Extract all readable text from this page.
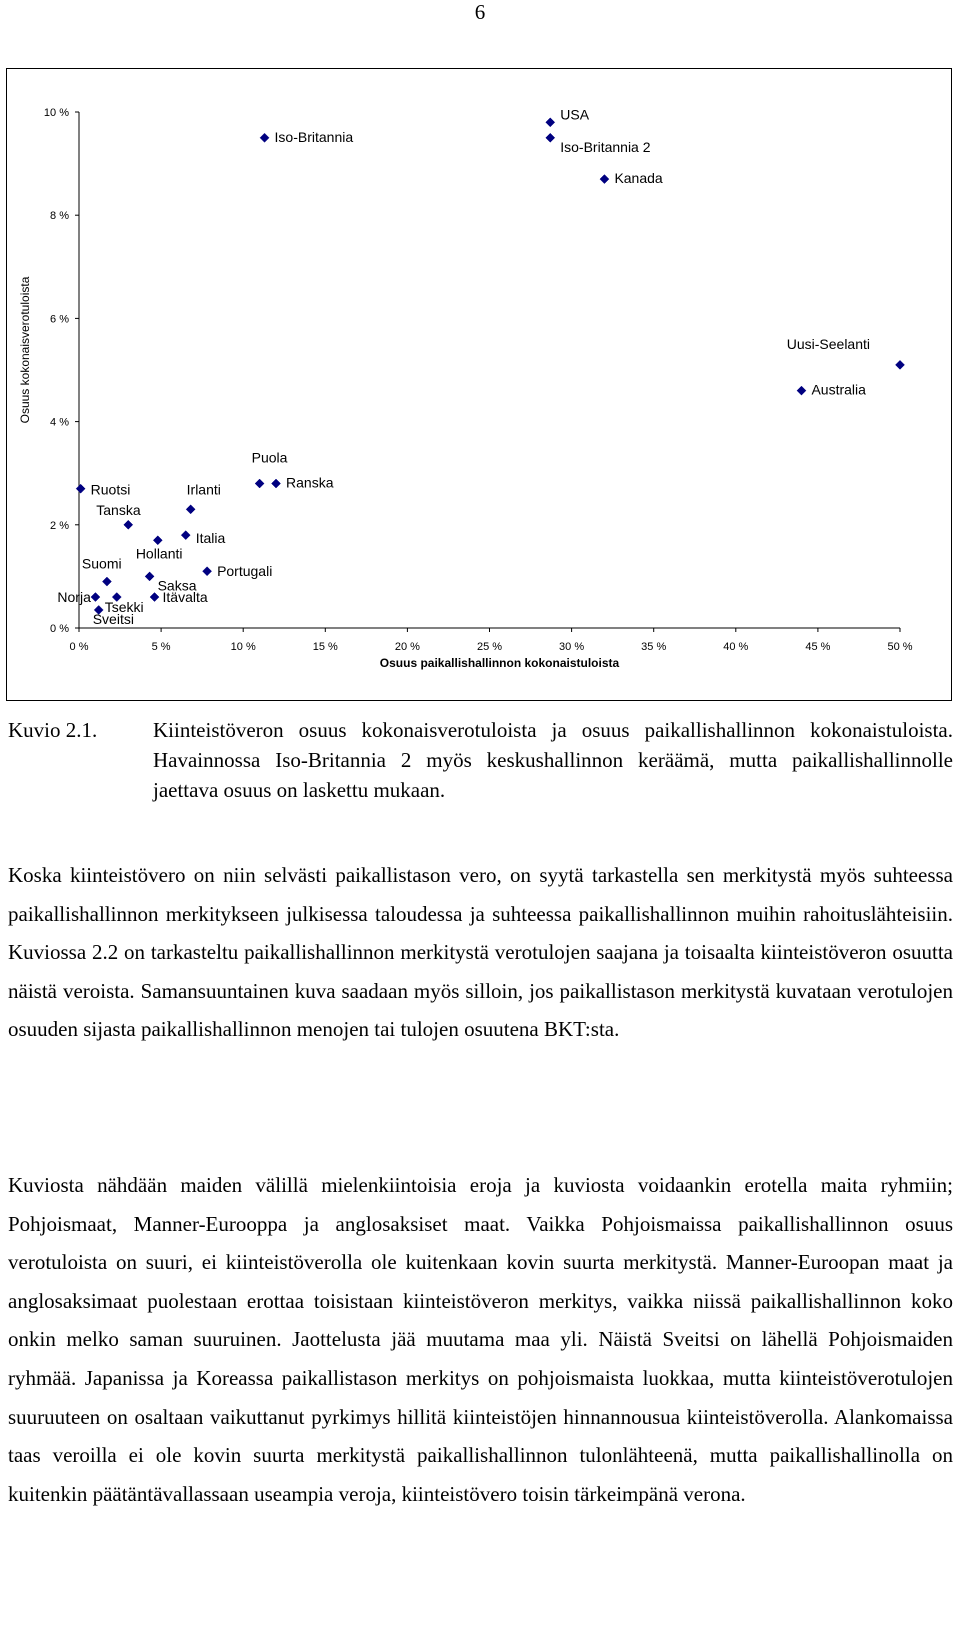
6
0 %
2 %
4 %
6 %
8 %
10 %
0 %	5 %	10 %	15 %	20 %	25 %	30 %	35 %	40 %	45 %	50 %
Osuus paikallishallinnon kokonaistuloista
Osuus kokonaisverotuloista
Iso-Britannia
USA
Iso-Britannia 2
Kanada
Uusi-Seelanti
Australia
Puola
Ranska
Ruotsi	Irlanti
Tanska
Italia
Hollanti
Portugali
Saksa
Suomi
Norja	Itävalta
Tsekki
Sveitsi
Kuvio 2.1.	Kiinteistöveron osuus kokonaisverotuloista ja osuus paikallishallinnon kokonaistuloista. Havainnossa Iso-Britannia 2 myös keskushallinnon keräämä, mutta paikallishallinnolle jaettava osuus on laskettu mukaan.

Koska kiinteistövero on niin selvästi paikallistason vero, on syytä tarkastella sen merkitystä myös suhteessa paikallishallinnon merkitykseen julkisessa taloudessa ja suhteessa paikallishallinnon muihin rahoituslähteisiin. Kuviossa 2.2 on tarkasteltu paikallishallinnon merkitystä verotulojen saajana ja toisaalta kiinteistöveron osuutta näistä veroista. Samansuuntainen kuva saadaan myös silloin, jos paikallistason merkitystä kuvataan verotulojen osuuden sijasta paikallishallinnon menojen tai tulojen osuutena BKT:sta.

Kuviosta nähdään maiden välillä mielenkiintoisia eroja ja kuviosta voidaankin erotella maita ryhmiin; Pohjoismaat, Manner-Eurooppa ja anglosaksiset maat. Vaikka Pohjoismaissa paikallishallinnon osuus verotuloista on suuri, ei kiinteistöverolla ole kuitenkaan kovin suurta merkitystä. Manner-Euroopan maat ja anglosaksimaat puolestaan erottaa toisistaan kiinteistöveron merkitys, vaikka niissä paikallishallinnon koko onkin melko saman suuruinen. Jaottelusta jää muutama maa yli. Näistä Sveitsi on lähellä Pohjoismaiden ryhmää. Japanissa ja Koreassa paikallistason merkitys on pohjoismaista luokkaa, mutta kiinteistöverotulojen suuruuteen on osaltaan vaikuttanut pyrkimys hillitä kiinteistöjen hinnannousua kiinteistöverolla. Alankomaissa taas veroilla ei ole kovin suurta merkitystä paikallishallinnon tulonlähteenä, mutta paikallishallinolla on kuitenkin päätäntävallassaan useampia veroja, kiinteistövero toisin tärkeimpänä verona.
